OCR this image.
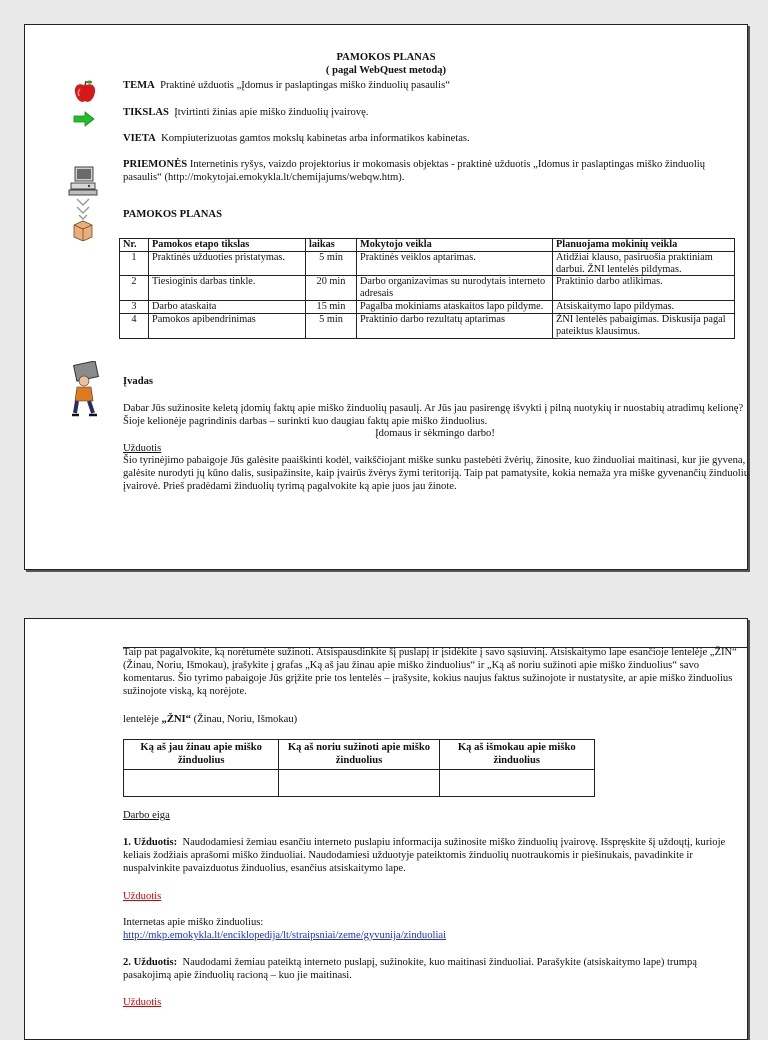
PAMOKOS PLANAS
( pagal WebQuest metodą)
TEMA Praktinė užduotis „Įdomus ir paslaptingas miško žinduolių pasaulis“
TIKSLAS Įtvirtinti žinias apie miško žinduolių įvairovę.
VIETA Kompiuterizuotas gamtos mokslų kabinetas arba informatikos kabinetas.
PRIEMONĖS Internetinis ryšys, vaizdo projektorius ir mokomasis objektas - praktinė užduotis „Idomus ir paslaptingas miško žinduolių pasaulis“ (http://mokytojai.emokykla.lt/chemijajums/webqw.htm).
PAMOKOS PLANAS
Nr.	Pamokos etapo tikslas	laikas	Mokytojo veikla	Planuojama mokinių veikla
1	Praktinės užduoties pristatymas.	5 min	Praktinės veiklos aptarimas.	Atidžiai klauso, pasiruošia praktiniam darbui. ŽNI lentelės pildymas.
2	Tiesioginis darbas tinkle.	20 min	Darbo organizavimas su nurodytais interneto adresais	Praktinio darbo atlikimas.
3	Darbo ataskaita	15 min	Pagalba mokiniams ataskaitos lapo pildyme.	Atsiskaitymo lapo pildymas.
4	Pamokos apibendrinimas	5 min	Praktinio darbo rezultatų aptarimas	ŽNI lentelės pabaigimas. Diskusija pagal pateiktus klausimus.
Įvadas

Dabar Jūs sužinosite keletą įdomių faktų apie miško žinduolių pasaulį. Ar Jūs jau pasirengę išvykti į pilną nuotykių ir nuostabių atradimų kelionę? Šioje kelionėje pagrindinis darbas – surinkti kuo daugiau faktų apie miško žinduolius.

Įdomaus ir sėkmingo darbo!
Užduotis

Šio tyrinėjimo pabaigoje Jūs galėsite paaiškinti kodėl, vaikščiojant miške sunku pastebėti žvėrių, žinosite, kuo žinduoliai maitinasi, kur jie gyvena, galėsite nurodyti jų kūno dalis, susipažinsite, kaip įvairūs žvėrys žymi teritoriją. Taip pat pamatysite, kokia nemaža yra miške gyvenančių žinduolių įvairovė. Prieš pradėdami žinduolių tyrimą pagalvokite ką apie juos jau žinote.

Taip pat pagalvokite, ką norėtumėte sužinoti. Atsispausdinkite šį puslapį ir įsidėkite į savo sąsiuvinį. Atsiskaitymo lape esančioje lentelėje „ŽIN“ (Žinau, Noriu, Išmokau), įrašykite į grafas „Ką aš jau žinau apie miško žinduolius“ ir „Ką aš noriu sužinoti apie miško žinduolius“ savo komentarus. Šio tyrimo pabaigoje Jūs grįžite prie tos lentelės – įrašysite, kokius naujus faktus sužinojote ir nustatysite, ar apie miško žinduolius sužinojote viską, ką norėjote.

lentelėje „ŽNI“ (Žinau, Noriu, Išmokau)
Ką aš jau žinau apie miško žinduolius	Ką aš noriu sužinoti apie miško žinduolius	Ką aš išmokau apie miško žinduolius

Darbo eiga

1. Užduotis: Naudodamiesi žemiau esančiu interneto puslapiu informacija sužinosite miško žinduolių įvairovę. Išspręskite šį uždoųtį, kurioje keliais žodžiais aprašomi miško žinduoliai. Naudodamiesi užduotyje pateiktomis žinduolių nuotraukomis ir piešinukais, pavadinkite ir nuspalvinkite pavaizduotus žinduolius, esančius atsiskaitymo lape.

Užduotis
Internetas apie miško žinduolius:
http://mkp.emokykla.lt/enciklopedija/lt/straipsniai/zeme/gyvunija/zinduoliai

2. Užduotis: Naudodami žemiau pateiktą interneto puslapį, sužinokite, kuo maitinasi žinduoliai. Parašykite (atsiskaitymo lape) trumpą pasakojimą apie žinduolių racioną – kuo jie maitinasi.

Užduotis
